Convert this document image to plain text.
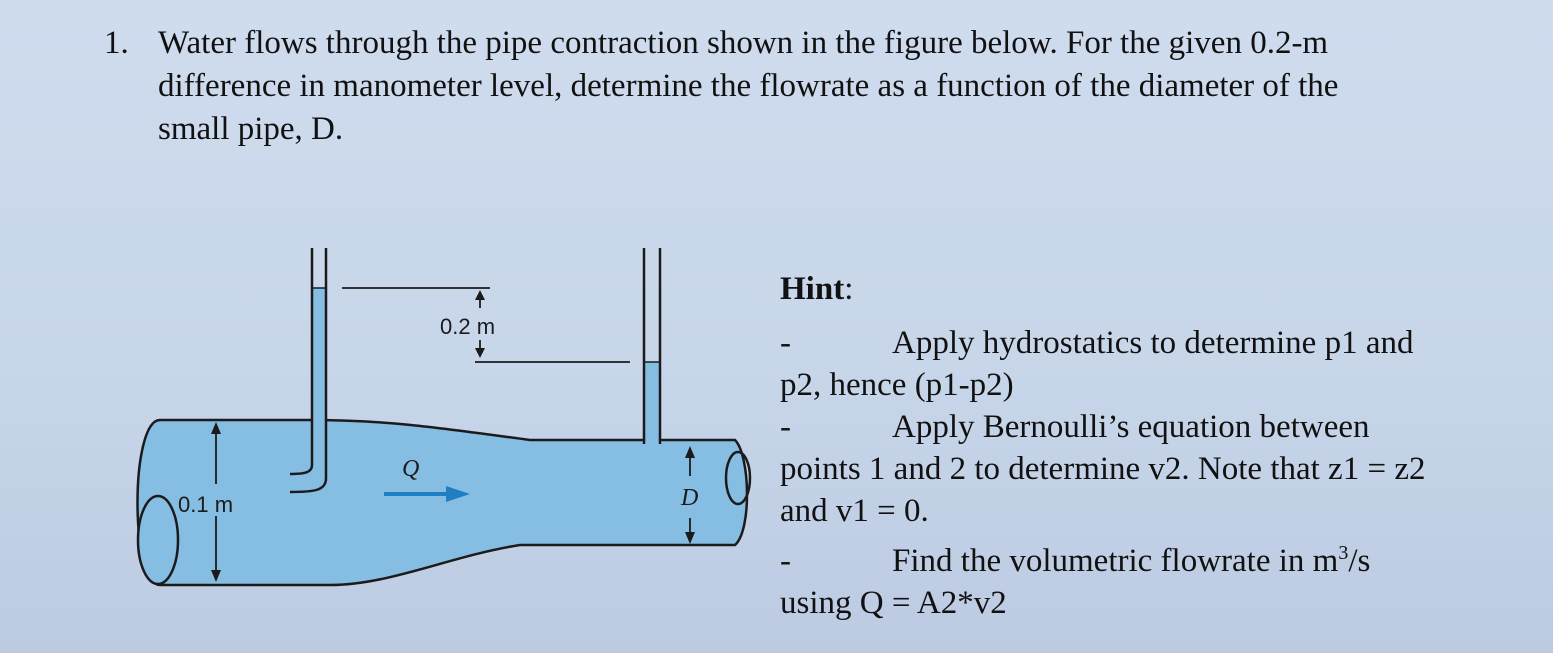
1. Water flows through the pipe contraction shown in the figure below. For the given 0.2-m
difference in manometer level, determine the flowrate as a function of the diameter of the
small pipe, D.
0.2 m
0.1 m
Q
D
Hint:
-	Apply hydrostatics to determine p1 and
p2, hence (p1-p2)
-	Apply Bernoulli’s equation between
points 1 and 2 to determine v2. Note that z1 = z2
and v1 = 0.
-	Find the volumetric flowrate in $m^3/s$
using Q = A2*v2
